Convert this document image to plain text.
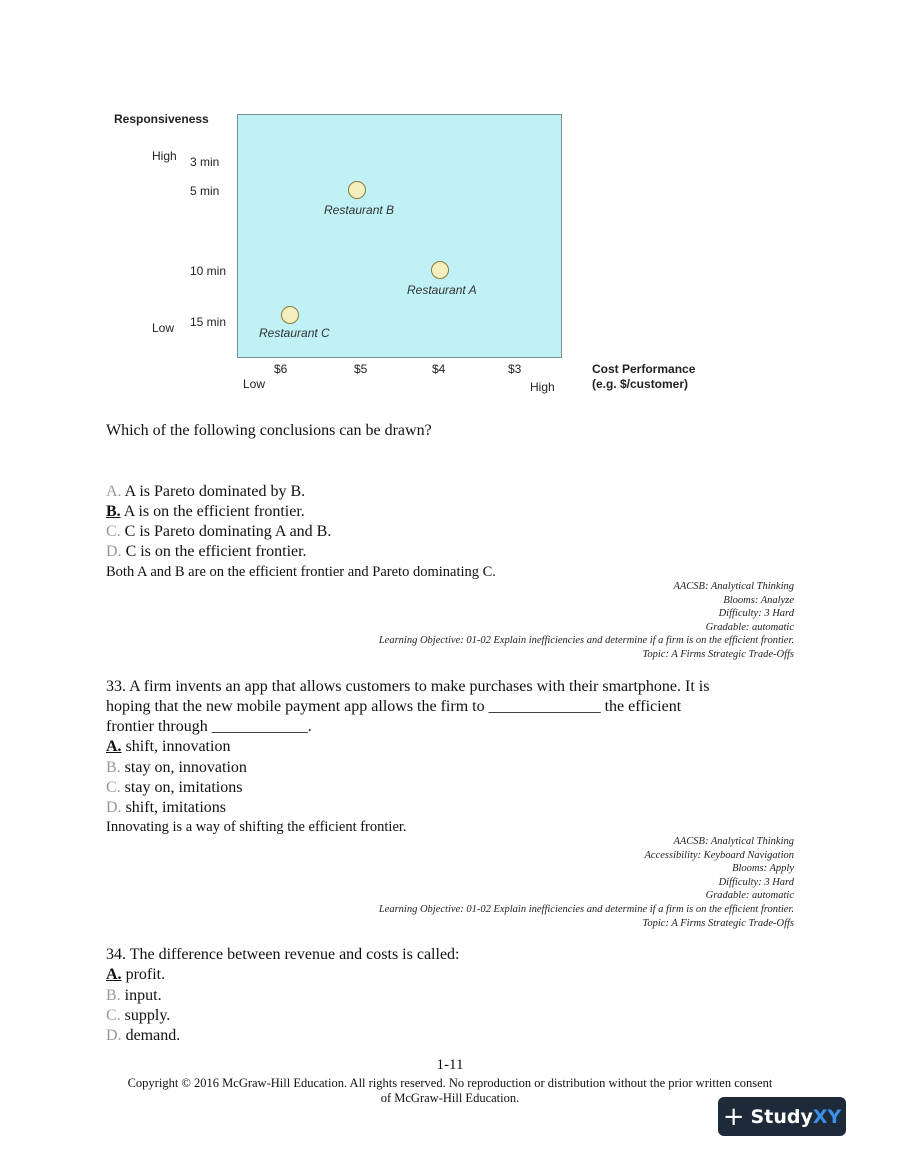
Responsiveness
High
Low
3 min
5 min
10 min
15 min
Restaurant B
Restaurant A
Restaurant C
$6	$5	$4	$3
Low	High
Cost Performance
(e.g. $/customer)
Which of the following conclusions can be drawn?
A. A is Pareto dominated by B.
B. A is on the efficient frontier.
C. C is Pareto dominating A and B.
D. C is on the efficient frontier.
Both A and B are on the efficient frontier and Pareto dominating C.
AACSB: Analytical Thinking
Blooms: Analyze
Difficulty: 3 Hard
Gradable: automatic
Learning Objective: 01-02 Explain inefficiencies and determine if a firm is on the efficient frontier.
Topic: A Firms Strategic Trade-Offs
33. A firm invents an app that allows customers to make purchases with their smartphone. It is
hoping that the new mobile payment app allows the firm to ______________ the efficient
frontier through ____________.
A. shift, innovation
B. stay on, innovation
C. stay on, imitations
D. shift, imitations
Innovating is a way of shifting the efficient frontier.
AACSB: Analytical Thinking
Accessibility: Keyboard Navigation
Blooms: Apply
Difficulty: 3 Hard
Gradable: automatic
Learning Objective: 01-02 Explain inefficiencies and determine if a firm is on the efficient frontier.
Topic: A Firms Strategic Trade-Offs
34. The difference between revenue and costs is called:
A. profit.
B. input.
C. supply.
D. demand.
1-11
Copyright © 2016 McGraw-Hill Education. All rights reserved. No reproduction or distribution without the prior written consent
of McGraw-Hill Education.
+ StudyXY
